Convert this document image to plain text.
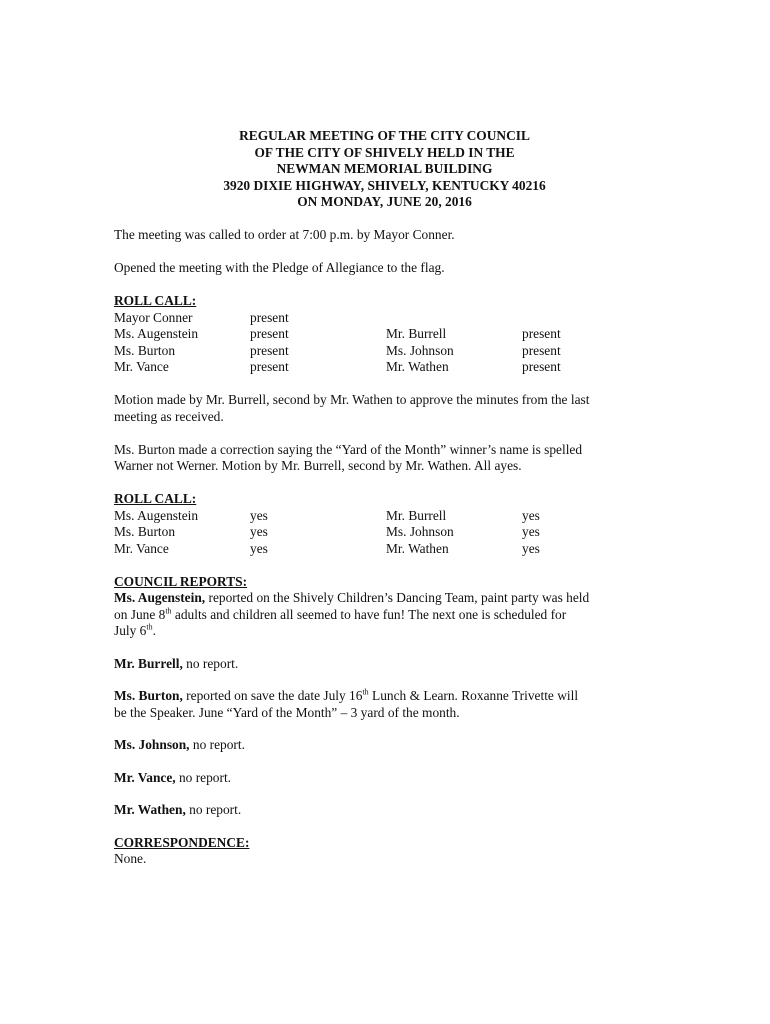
REGULAR MEETING OF THE CITY COUNCIL
OF THE CITY OF SHIVELY HELD IN THE
NEWMAN MEMORIAL BUILDING
3920 DIXIE HIGHWAY, SHIVELY, KENTUCKY 40216
ON MONDAY, JUNE 20, 2016

The meeting was called to order at 7:00 p.m. by Mayor Conner.

Opened the meeting with the Pledge of Allegiance to the flag.

ROLL CALL:
Mayor Conner	present
Ms. Augenstein	present	Mr. Burrell	present
Ms. Burton	present	Ms. Johnson	present
Mr. Vance	present	Mr. Wathen	present
Motion made by Mr. Burrell, second by Mr. Wathen to approve the minutes from the last
meeting as received.
Ms. Burton made a correction saying the “Yard of the Month” winner’s name is spelled
Warner not Werner. Motion by Mr. Burrell, second by Mr. Wathen. All ayes.
ROLL CALL:
Ms. Augenstein	yes	Mr. Burrell	yes
Ms. Burton	yes	Ms. Johnson	yes
Mr. Vance	yes	Mr. Wathen	yes
COUNCIL REPORTS:
Ms. Augenstein, reported on the Shively Children’s Dancing Team, paint party was held
on June 8th adults and children all seemed to have fun! The next one is scheduled for
July 6th.

Mr. Burrell, no report.

Ms. Burton, reported on save the date July 16th Lunch & Learn. Roxanne Trivette will
be the Speaker. June “Yard of the Month” – 3 yard of the month.

Ms. Johnson, no report.

Mr. Vance, no report.

Mr. Wathen, no report.

CORRESPONDENCE:
None.
